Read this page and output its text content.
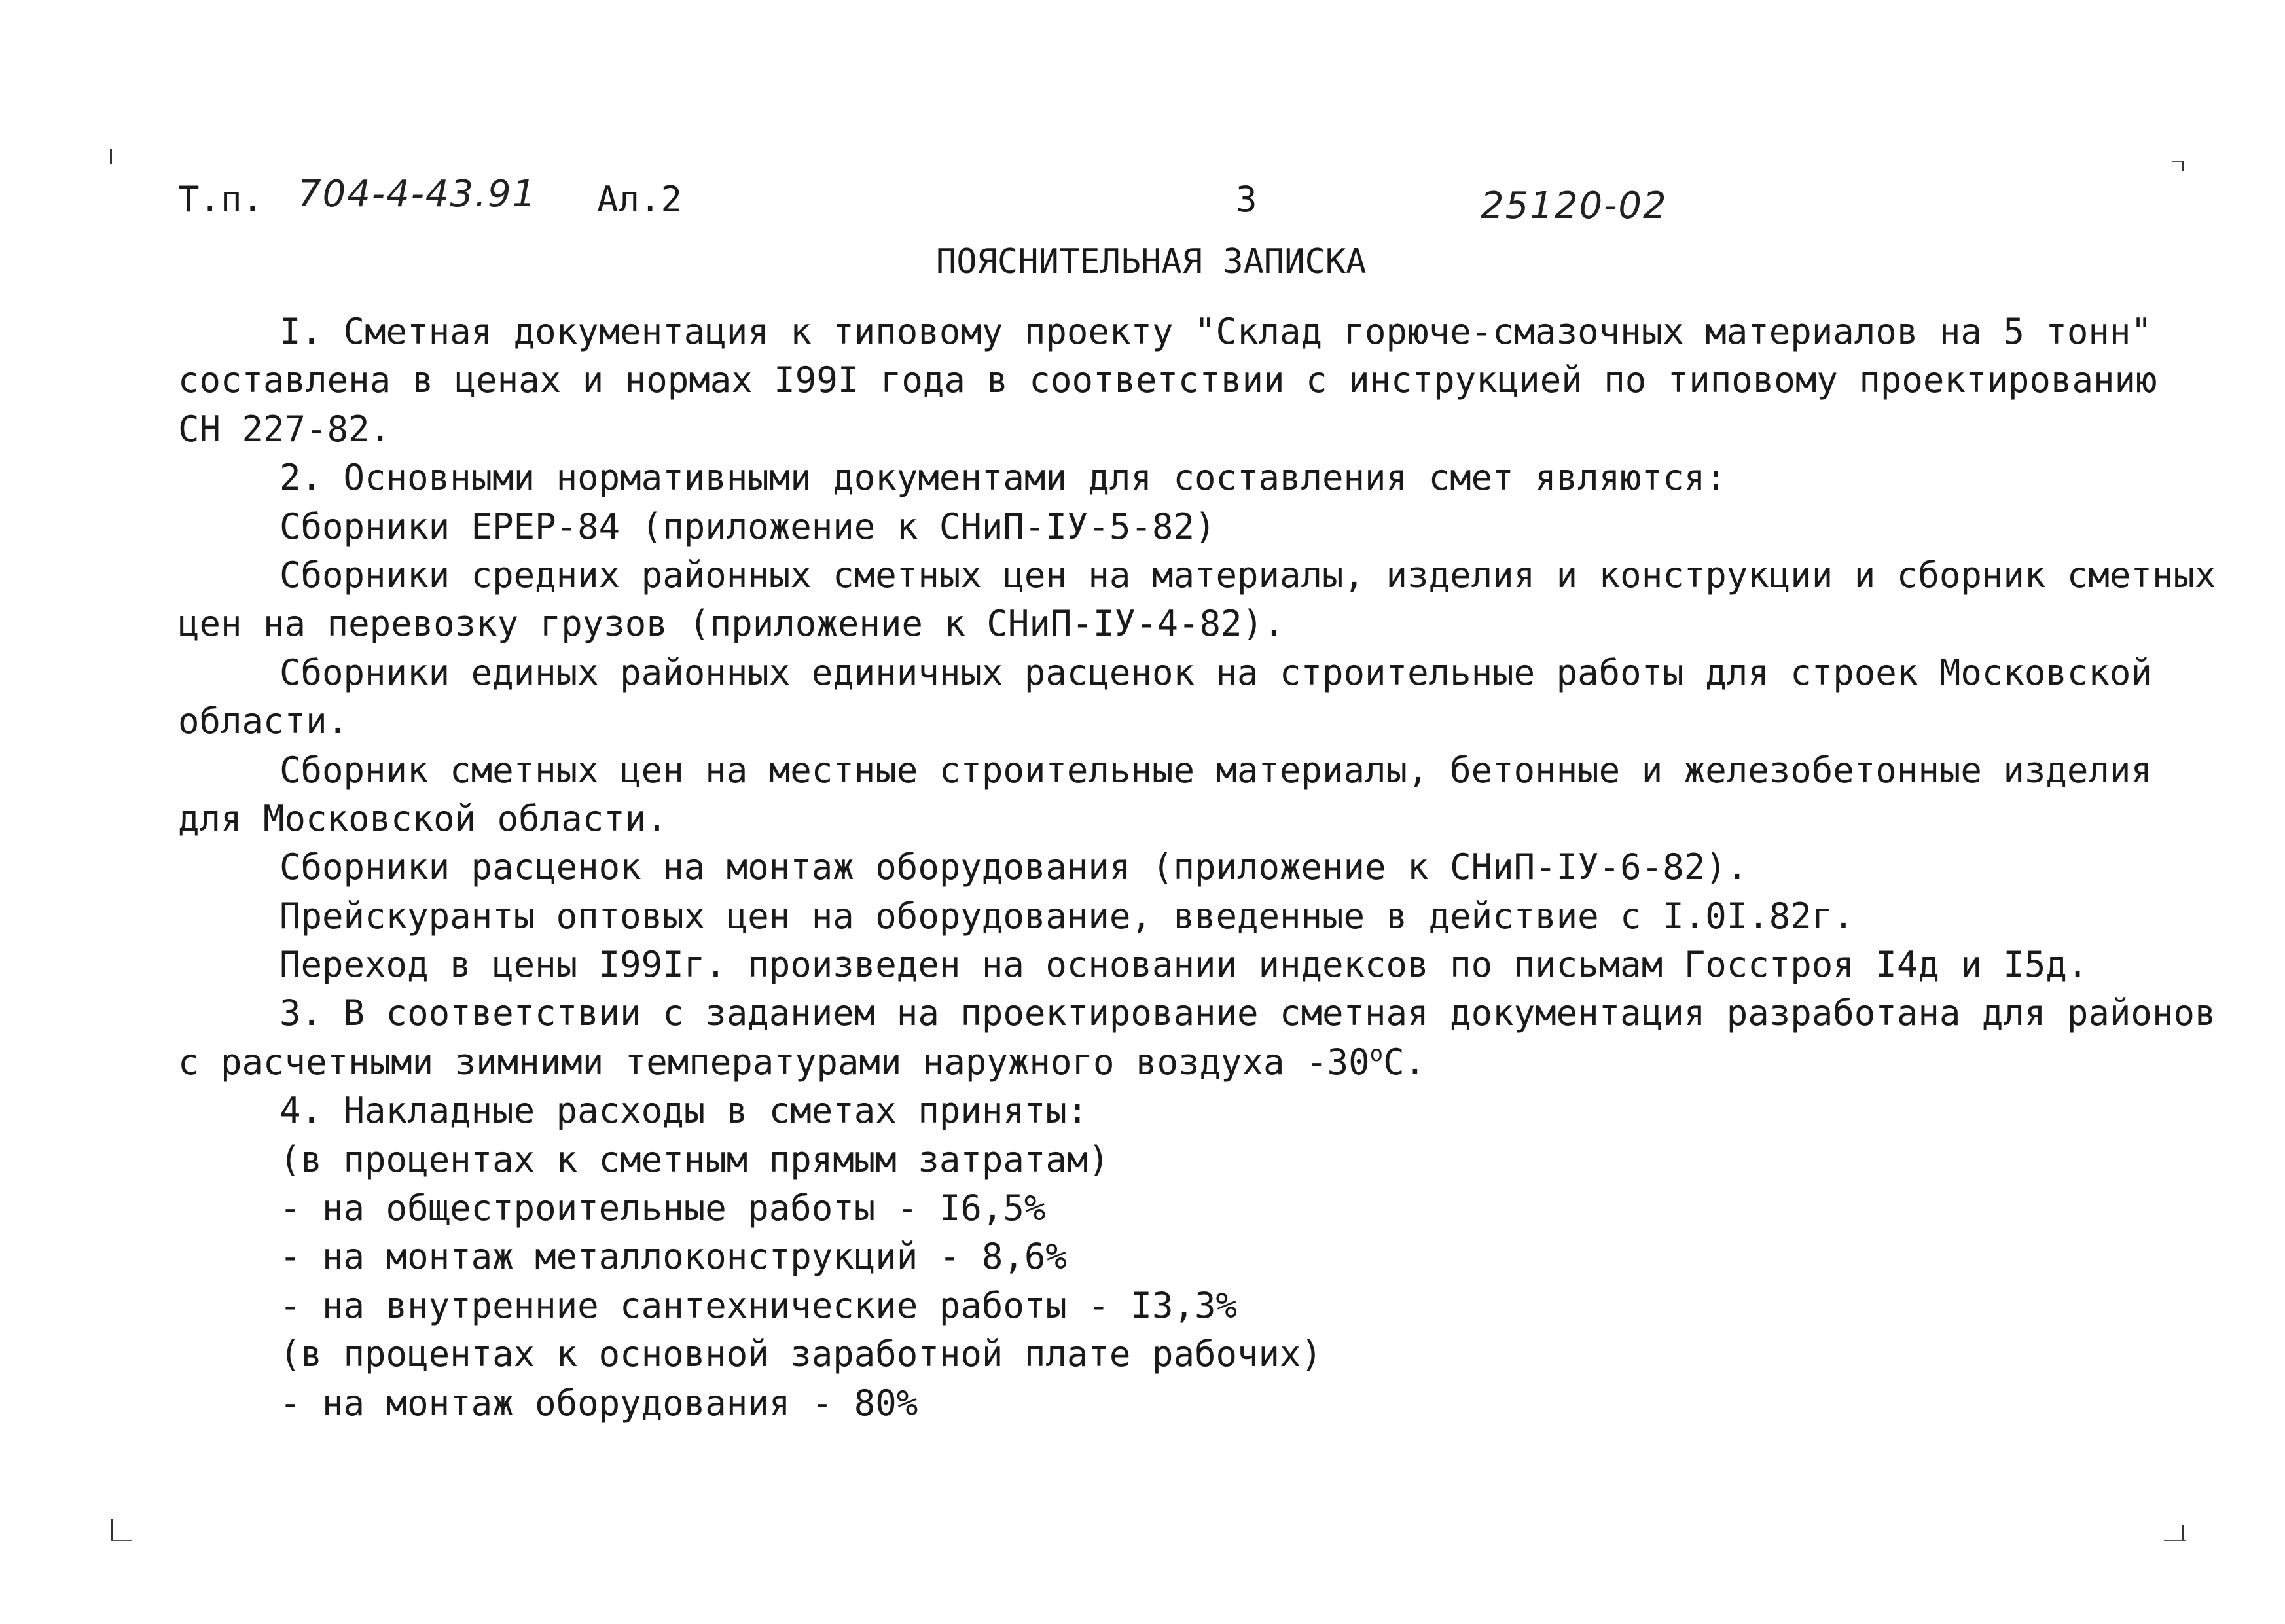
Т.п. 704-4-43.91 Ал.2	3	25120-02
ПОЯСНИТЕЛЬНАЯ ЗАПИСКА
I. Сметная документация к типовому проекту "Склад горюче-смазочных материалов на 5 тонн"
составлена в ценах и нормах I99I года в соответствии с инструкцией по типовому проектированию
СН 227-82.
2. Основными нормативными документами для составления смет являются:
Сборники ЕРЕР-84 (приложение к СНиП-IУ-5-82)
Сборники средних районных сметных цен на материалы, изделия и конструкции и сборник сметных
цен на перевозку грузов (приложение к СНиП-IУ-4-82).
Сборники единых районных единичных расценок на строительные работы для строек Московской
области.
Сборник сметных цен на местные строительные материалы, бетонные и железобетонные изделия
для Московской области.
Сборники расценок на монтаж оборудования (приложение к СНиП-IУ-6-82).
Прейскуранты оптовых цен на оборудование, введенные в действие с I.0I.82г.
Переход в цены I99Iг. произведен на основании индексов по письмам Госстроя I4д и I5д.
3. В соответствии с заданием на проектирование сметная документация разработана для районов
с расчетными зимними температурами наружного воздуха -30$^o$С.
4. Накладные расходы в сметах приняты:
(в процентах к сметным прямым затратам)
- на общестроительные работы - I6,5%
- на монтаж металлоконструкций - 8,6%
- на внутренние сантехнические работы - I3,3%
(в процентах к основной заработной плате рабочих)
- на монтаж оборудования - 80%
